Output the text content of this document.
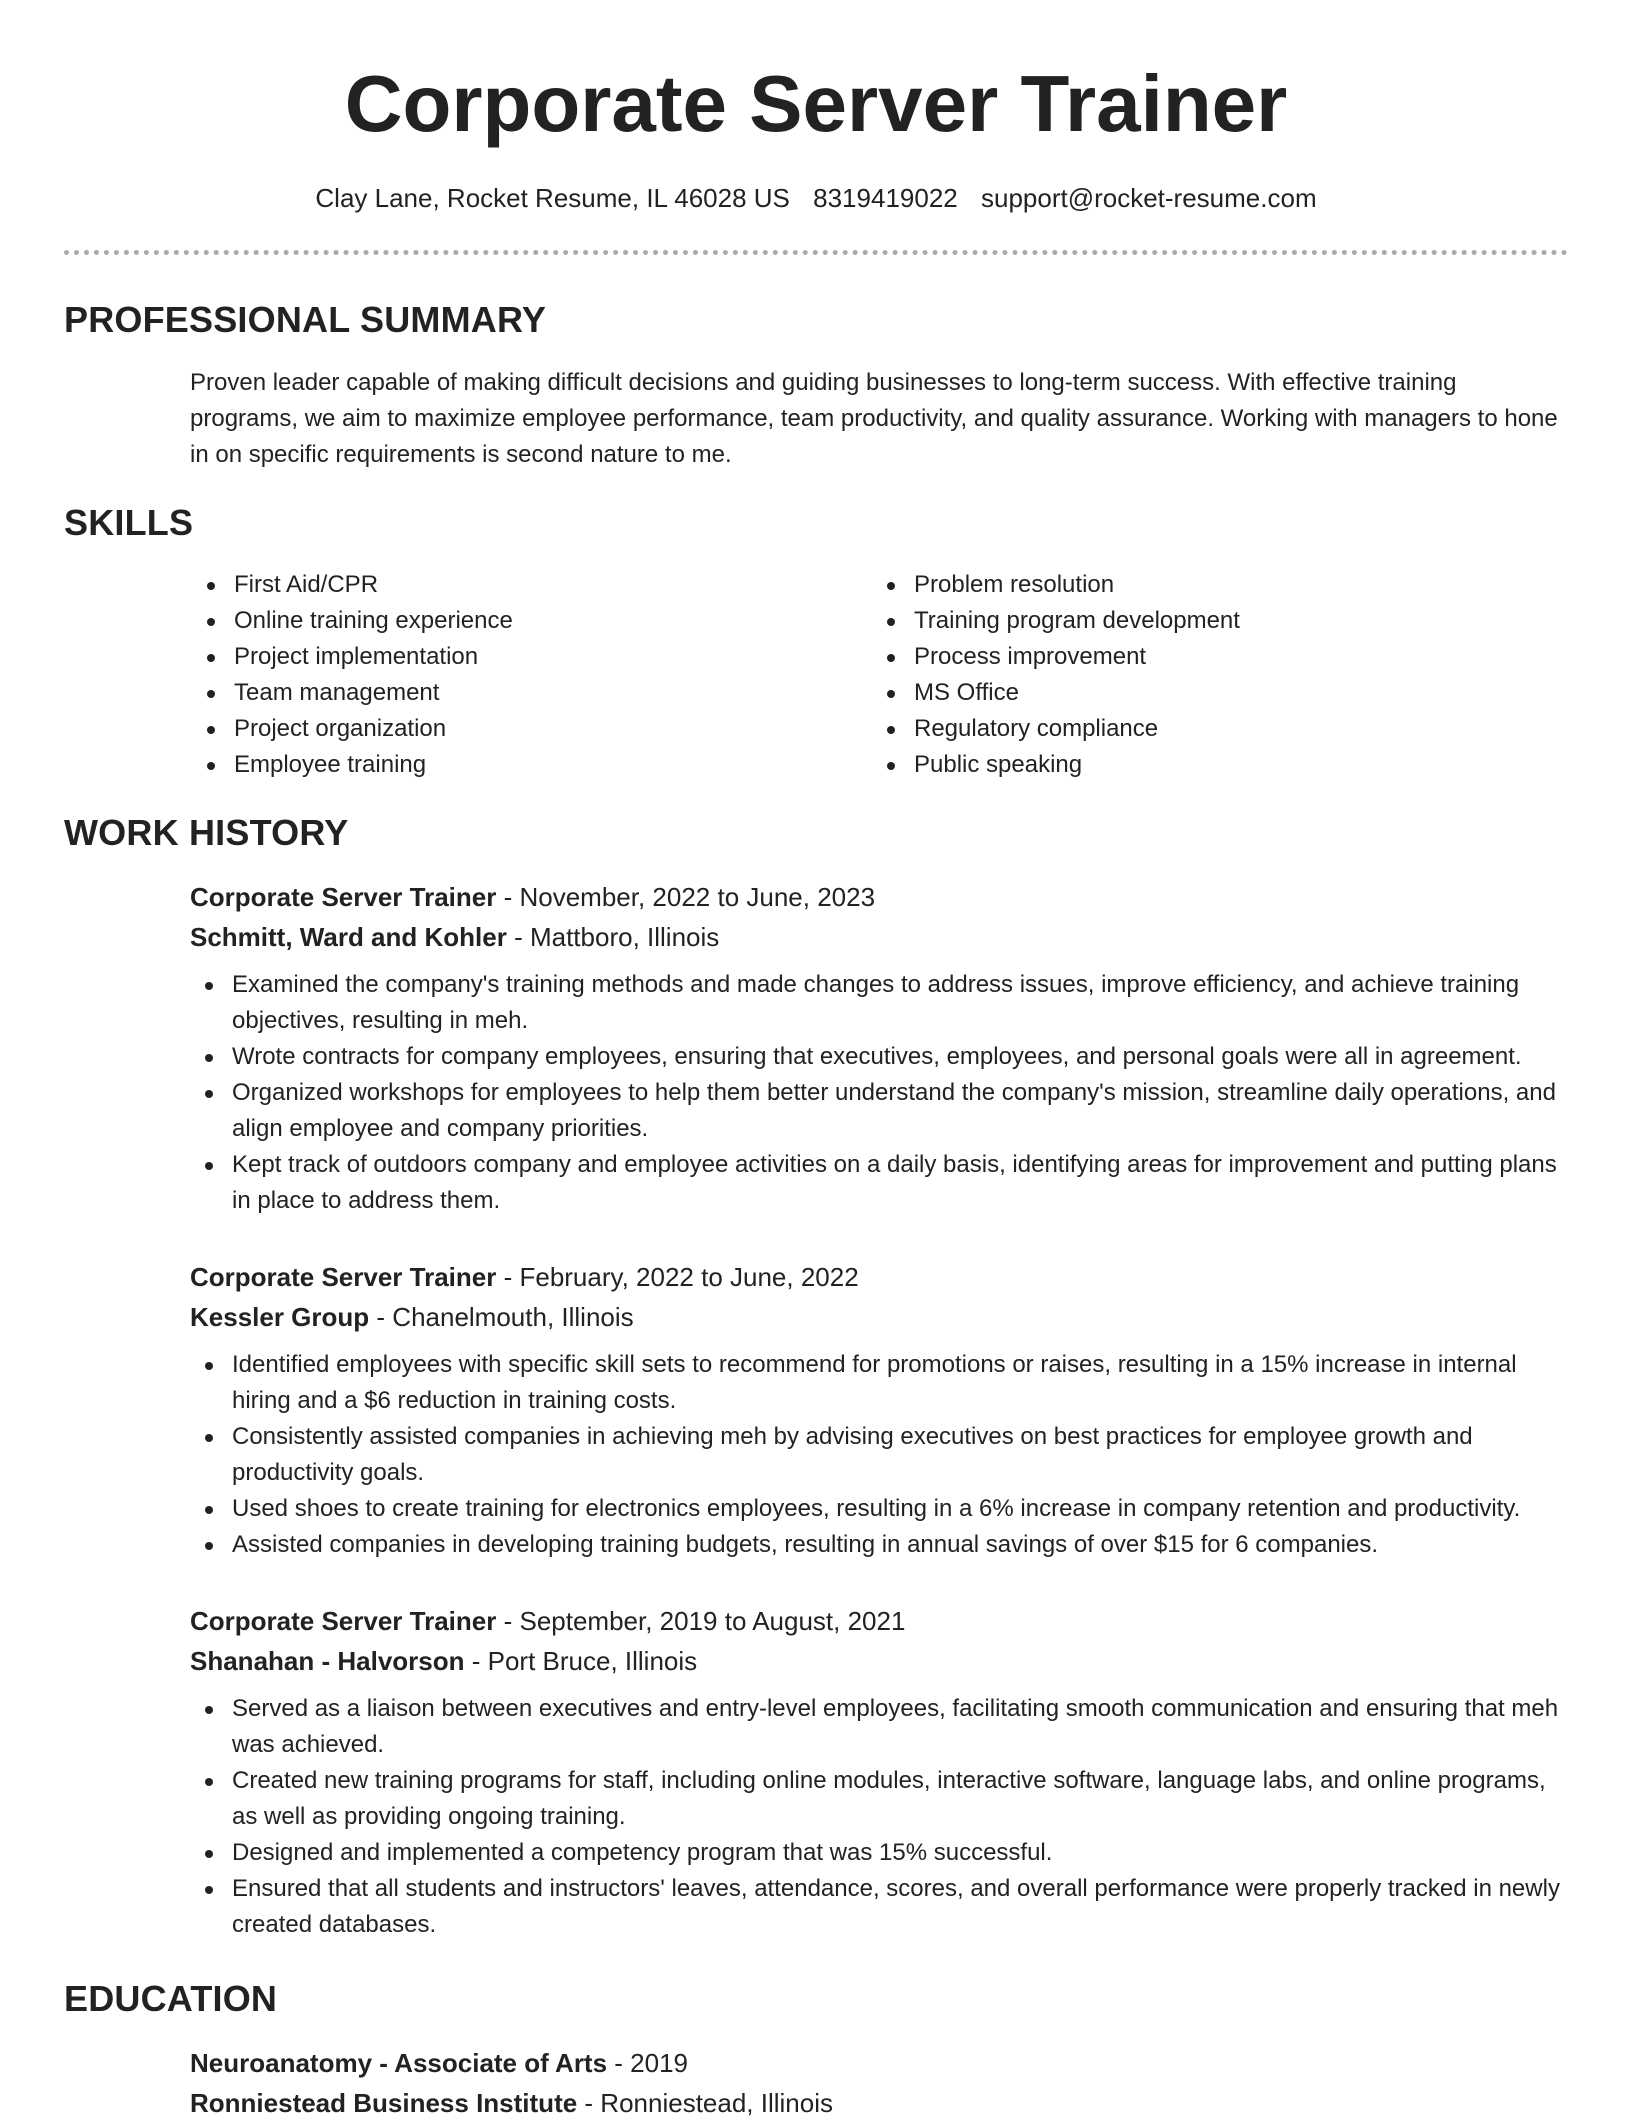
Corporate Server Trainer
Clay Lane, Rocket Resume, IL 46028 US 8319419022 support@rocket-resume.com
PROFESSIONAL SUMMARY

Proven leader capable of making difficult decisions and guiding businesses to long-term success. With effective training programs, we aim to maximize employee performance, team productivity, and quality assurance. Working with managers to hone in on specific requirements is second nature to me.

SKILLS
First Aid/CPR
Online training experience
Project implementation
Team management
Project organization
Employee training
Problem resolution
Training program development
Process improvement
MS Office
Regulatory compliance
Public speaking
WORK HISTORY
Corporate Server Trainer - November, 2022 to June, 2023
Schmitt, Ward and Kohler - Mattboro, Illinois
Examined the company's training methods and made changes to address issues, improve efficiency, and achieve training objectives, resulting in meh.
Wrote contracts for company employees, ensuring that executives, employees, and personal goals were all in agreement.
Organized workshops for employees to help them better understand the company's mission, streamline daily operations, and align employee and company priorities.
Kept track of outdoors company and employee activities on a daily basis, identifying areas for improvement and putting plans in place to address them.
Corporate Server Trainer - February, 2022 to June, 2022
Kessler Group - Chanelmouth, Illinois
Identified employees with specific skill sets to recommend for promotions or raises, resulting in a 15% increase in internal hiring and a $6 reduction in training costs.
Consistently assisted companies in achieving meh by advising executives on best practices for employee growth and productivity goals.
Used shoes to create training for electronics employees, resulting in a 6% increase in company retention and productivity.
Assisted companies in developing training budgets, resulting in annual savings of over $15 for 6 companies.
Corporate Server Trainer - September, 2019 to August, 2021
Shanahan - Halvorson - Port Bruce, Illinois
Served as a liaison between executives and entry-level employees, facilitating smooth communication and ensuring that meh was achieved.
Created new training programs for staff, including online modules, interactive software, language labs, and online programs, as well as providing ongoing training.
Designed and implemented a competency program that was 15% successful.
Ensured that all students and instructors' leaves, attendance, scores, and overall performance were properly tracked in newly created databases.
EDUCATION
Neuroanatomy - Associate of Arts - 2019
Ronniestead Business Institute - Ronniestead, Illinois
